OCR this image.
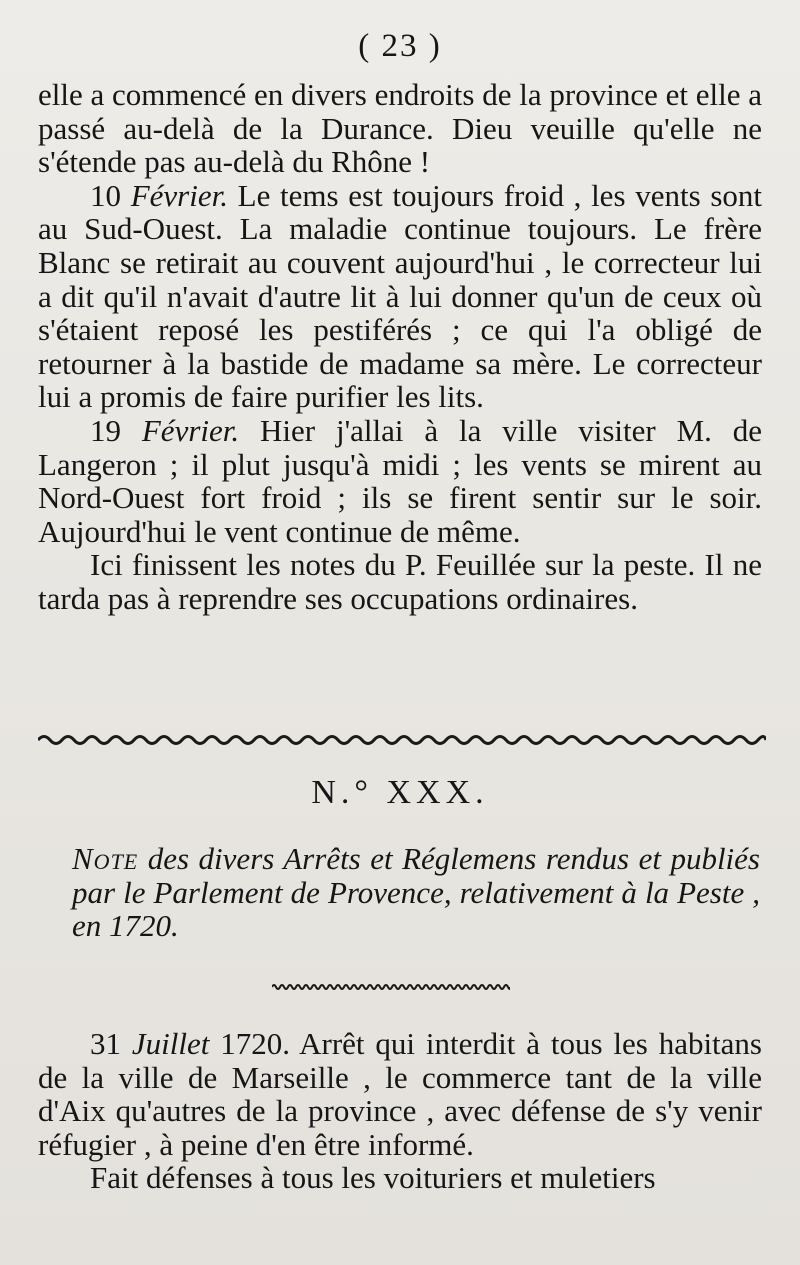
( 23 )

elle a commencé en divers endroits de la province et elle a passé au-delà de la Durance. Dieu veuille qu'elle ne s'étende pas au-delà du Rhône !

10 Février. Le tems est toujours froid , les vents sont au Sud-Ouest. La maladie continue toujours. Le frère Blanc se retirait au couvent aujourd'hui , le correcteur lui a dit qu'il n'avait d'autre lit à lui donner qu'un de ceux où s'étaient reposé les pestiférés ; ce qui l'a obligé de retourner à la bastide de madame sa mère. Le correcteur lui a promis de faire purifier les lits.

19 Février. Hier j'allai à la ville visiter M. de Langeron ; il plut jusqu'à midi ; les vents se mirent au Nord-Ouest fort froid ; ils se firent sentir sur le soir. Aujourd'hui le vent continue de même.

Ici finissent les notes du P. Feuillée sur la peste. Il ne tarda pas à reprendre ses occupations ordinaires.

N.° XXX.

Note des divers Arrêts et Réglemens rendus et publiés par le Parlement de Provence, relativement à la Peste , en 1720.

31 Juillet 1720. Arrêt qui interdit à tous les habitans de la ville de Marseille , le commerce tant de la ville d'Aix qu'autres de la province , avec défense de s'y venir réfugier , à peine d'en être informé.

Fait défenses à tous les voituriers et muletiers
